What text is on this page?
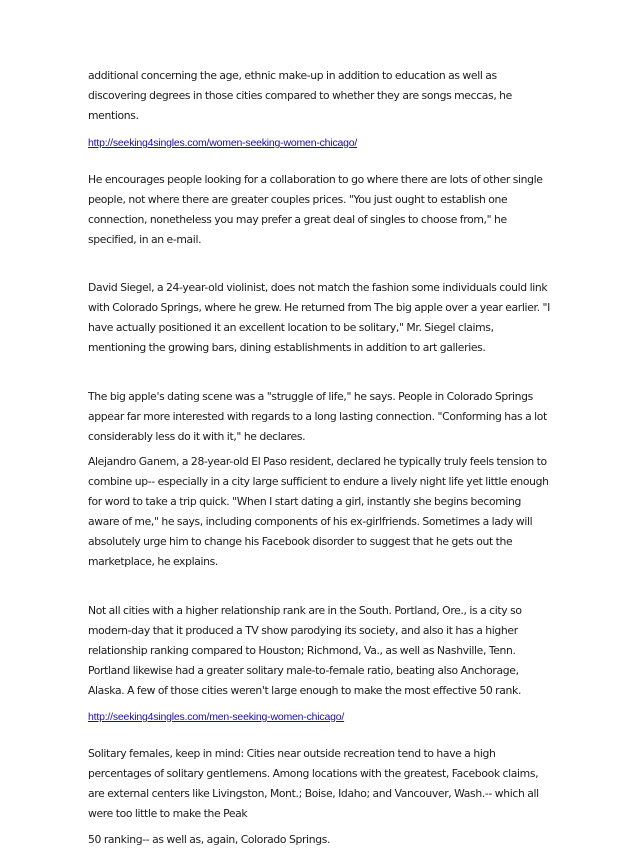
additional concerning the age, ethnic make-up in addition to education as well as discovering degrees in those cities compared to whether they are songs meccas, he mentions.

http://seeking4singles.com/women-seeking-women-chicago/

He encourages people looking for a collaboration to go where there are lots of other single people, not where there are greater couples prices. "You just ought to establish one connection, nonetheless you may prefer a great deal of singles to choose from," he specified, in an e-mail.

David Siegel, a 24-year-old violinist, does not match the fashion some individuals could link with Colorado Springs, where he grew. He returned from The big apple over a year earlier. "I have actually positioned it an excellent location to be solitary," Mr. Siegel claims, mentioning the growing bars, dining establishments in addition to art galleries.

The big apple's dating scene was a "struggle of life," he says. People in Colorado Springs appear far more interested with regards to a long lasting connection. "Conforming has a lot considerably less do it with it," he declares.

Alejandro Ganem, a 28-year-old El Paso resident, declared he typically truly feels tension to combine up-- especially in a city large sufficient to endure a lively night life yet little enough for word to take a trip quick. "When I start dating a girl, instantly she begins becoming aware of me," he says, including components of his ex-girlfriends. Sometimes a lady will absolutely urge him to change his Facebook disorder to suggest that he gets out the marketplace, he explains.

Not all cities with a higher relationship rank are in the South. Portland, Ore., is a city so modern-day that it produced a TV show parodying its society, and also it has a higher relationship ranking compared to Houston; Richmond, Va., as well as Nashville, Tenn. Portland likewise had a greater solitary male-to-female ratio, beating also Anchorage, Alaska. A few of those cities weren't large enough to make the most effective 50 rank.

http://seeking4singles.com/men-seeking-women-chicago/

Solitary females, keep in mind: Cities near outside recreation tend to have a high percentages of solitary gentlemens. Among locations with the greatest, Facebook claims, are external centers like Livingston, Mont.; Boise, Idaho; and Vancouver, Wash.-- which all were too little to make the Peak

50 ranking-- as well as, again, Colorado Springs.
